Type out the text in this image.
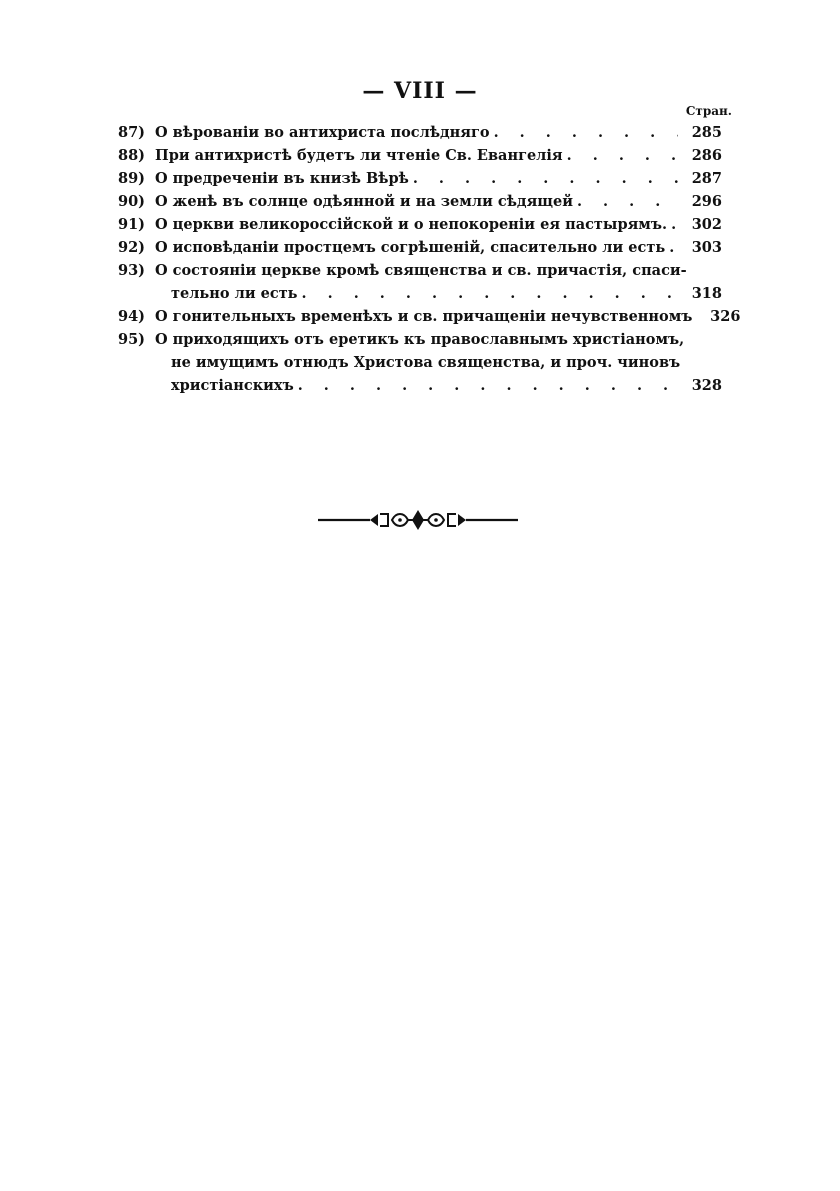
— VIII —
Стран.
87) О вѣрованіи во антихриста послѣдняго . . .	285
88) При антихристѣ будетъ ли чтеніе Св. Евангелія . . .	286
89) О предреченіи въ книзѣ Вѣрѣ . . .	287
90) О женѣ въ солнце одѣянной и на земли сѣдящей . . .	296
91) О церкви великороссійской и о непокореніи ея пастырямъ. . . .	302
92) О исповѣданіи простцемъ согрѣшеній, спасительно ли есть . . .	303
93) О состояніи церкве кромѣ священства и св. причастія, спаси-
тельно ли есть . . .	318
94) О гонительныхъ временѣхъ и св. причащеніи нечувственномъ	326
95) О приходящихъ отъ еретикъ къ православнымъ христіаномъ,
не имущимъ отнюдъ Христова священства, и проч. чиновъ
христіанскихъ . . .	328
